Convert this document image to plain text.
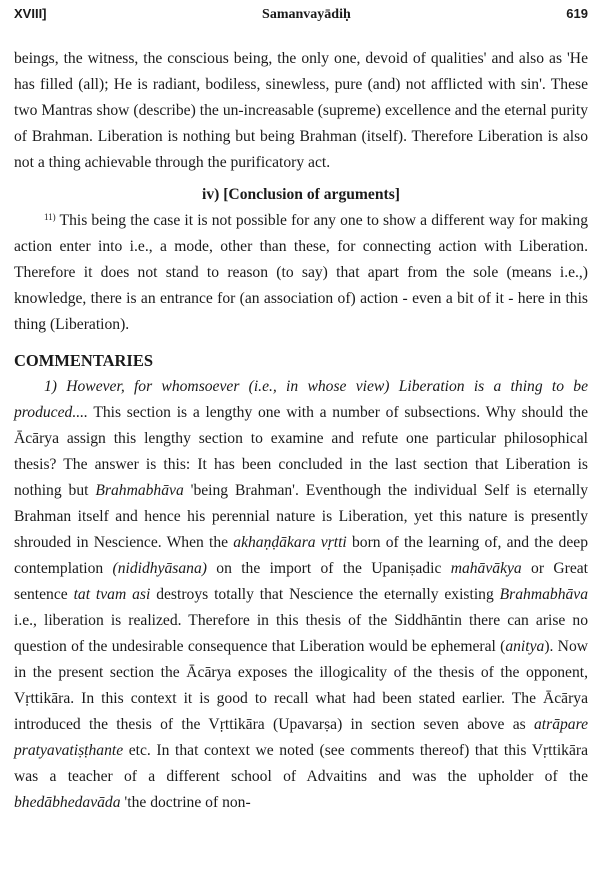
XVIII]	Samanvayādiḥ	619

beings, the witness, the conscious being, the only one, devoid of qualities' and also as 'He has filled (all); He is radiant, bodiless, sinewless, pure (and) not afflicted with sin'. These two Mantras show (describe) the un-increasable (supreme) excellence and the eternal purity of Brahman. Liberation is nothing but being Brahman (itself). Therefore Liberation is also not a thing achievable through the purificatory act.

iv) [Conclusion of arguments]

$^{11)}$ This being the case it is not possible for any one to show a different way for making action enter into i.e., a mode, other than these, for connecting action with Liberation. Therefore it does not stand to reason (to say) that apart from the sole (means i.e.,) knowledge, there is an entrance for (an association of) action - even a bit of it - here in this thing (Liberation).

COMMENTARIES

1) However, for whomsoever (i.e., in whose view) Liberation is a thing to be produced.... This section is a lengthy one with a number of subsections. Why should the Ācārya assign this lengthy section to examine and refute one particular philosophical thesis? The answer is this: It has been concluded in the last section that Liberation is nothing but Brahmabhāva 'being Brahman'. Eventhough the individual Self is eternally Brahman itself and hence his perennial nature is Liberation, yet this nature is presently shrouded in Nescience. When the akhaṇḍākara vṛtti born of the learning of, and the deep contemplation (nididhyāsana) on the import of the Upaniṣadic mahāvākya or Great sentence tat tvam asi destroys totally that Nescience the eternally existing Brahmabhāva i.e., liberation is realized. Therefore in this thesis of the Siddhāntin there can arise no question of the undesirable consequence that Liberation would be ephemeral (anitya). Now in the present section the Ācārya exposes the illogicality of the thesis of the opponent, Vṛttikāra. In this context it is good to recall what had been stated earlier. The Ācārya introduced the thesis of the Vṛttikāra (Upavarṣa) in section seven above as atrāpare pratyavatiṣṭhante etc. In that context we noted (see comments thereof) that this Vṛttikāra was a teacher of a different school of Advaitins and was the upholder of the bhedābhedavāda 'the doctrine of non-
